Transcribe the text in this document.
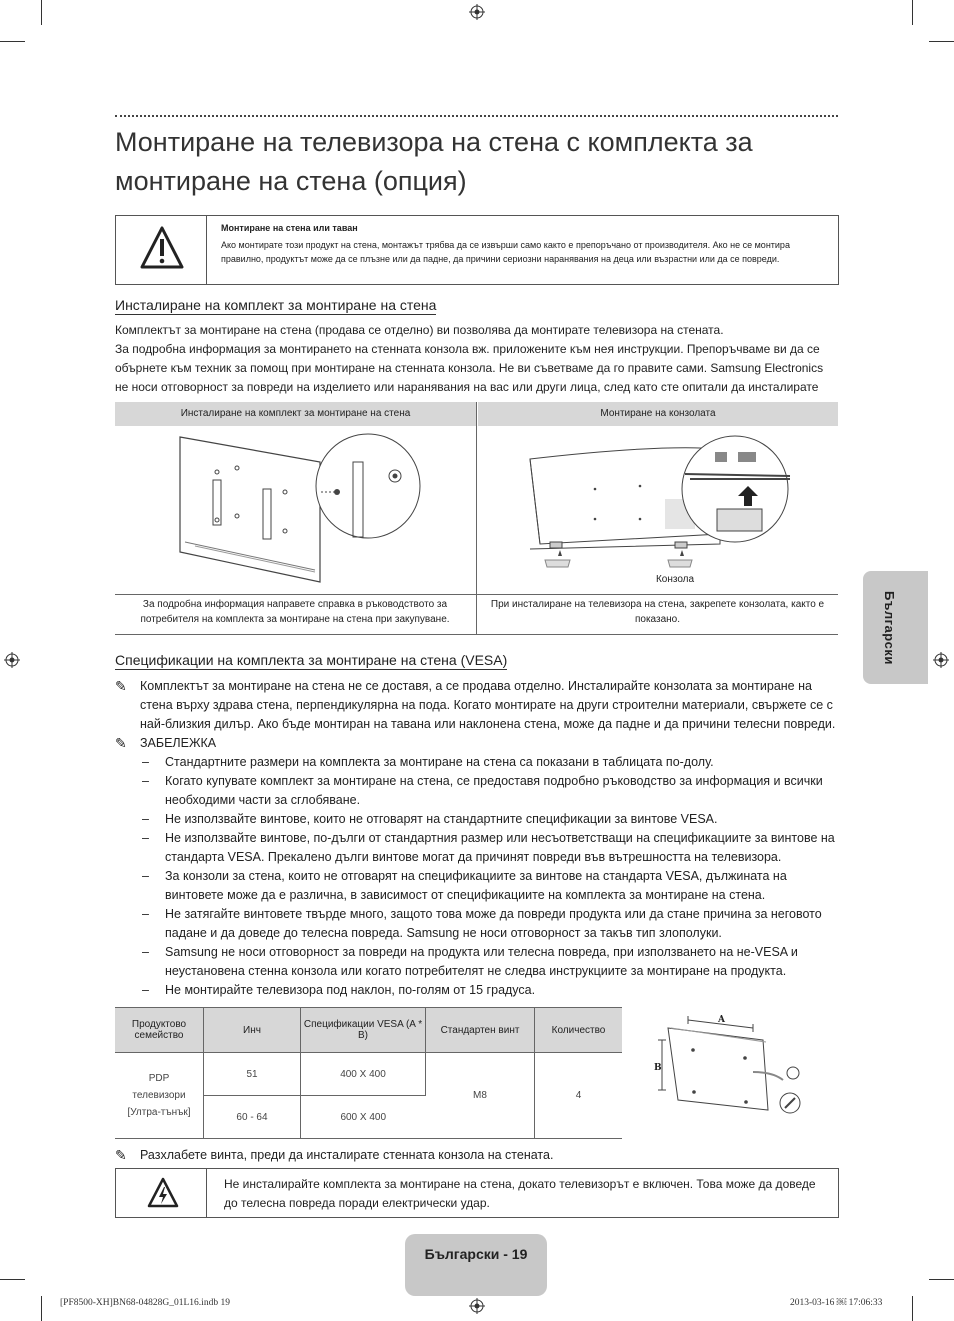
Монтиране на телевизора на стена с комплекта за монтиране на стена (опция)
Монтиране на стена или таван
Ако монтирате този продукт на стена, монтажът трябва да се извърши само както е препоръчано от производителя. Ако не се монтира правилно, продуктът може да се плъзне или да падне, да причини сериозни наранявания на деца или възрастни или да се повреди.
Инсталиране на комплект за монтиране на стена
Комплектът за монтиране на стена (продава се отделно) ви позволява да монтирате телевизора на стената.
За подробна информация за монтирането на стенната конзола вж. приложените към нея инструкции. Препоръчваме ви да се обърнете към техник за помощ при монтиране на стенната конзола. Не ви съветваме да го правите сами. Samsung Electronics не носи отговорност за повреди на изделието или наранявания на вас или други лица, след като сте опитали да инсталирате
Инсталиране на комплект за монтиране на стена	Монтиране на конзолата
Конзола
За подробна информация направете справка в ръководството за потребителя на комплекта за монтиране на стена при закупуване.
При инсталиране на телевизора на стена, закрепете конзолата, както е показано.
Спецификации на комплекта за монтиране на стена (VESA)
✎ Комплектът за монтиране на стена не се доставя, а се продава отделно. Инсталирайте конзолата за монтиране на стена върху здрава стена, перпендикулярна на пода. Когато монтирате на други строителни материали, свържете се с най-близкия дилър. Ако бъде монтиран на тавана или наклонена стена, може да падне и да причини телесни повреди.
✎ ЗАБЕЛЕЖКА
– Стандартните размери на комплекта за монтиране на стена са показани в таблицата по-долу.
– Когато купувате комплект за монтиране на стена, се предоставя подробно ръководство за информация и всички необходими части за сглобяване.
– Не използвайте винтове, които не отговарят на стандартните спецификации за винтове VESA.
– Не използвайте винтове, по-дълги от стандартния размер или несъответстващи на спецификациите за винтове на стандарта VESA. Прекалено дълги винтове могат да причинят повреди във вътрешността на телевизора.
– За конзоли за стена, които не отговарят на спецификациите за винтове на стандарта VESA, дължината на винтовете може да е различна, в зависимост от спецификациите на комплекта за монтиране на стена.
– Не затягайте винтовете твърде много, защото това може да повреди продукта или да стане причина за неговото падане и да доведе до телесна повреда. Samsung не носи отговорност за такъв тип злополуки.
– Samsung не носи отговорност за повреди на продукта или телесна повреда, при използването на не-VESA и неустановена стенна конзола или когато потребителят не следва инструкциите за монтиране на продукта.
– Не монтирайте телевизора под наклон, по-голям от 15 градуса.
Продуктово семейство	Инч	Спецификации VESA (A * B)	Стандартен винт	Количество
PDP телевизори [Ултра-тънък]	51	400 X 400	M8	4
	60 - 64	600 X 400		
A
B
✎ Разхлабете винта, преди да инсталирате стенната конзола на стената.
Не инсталирайте комплекта за монтиране на стена, докато телевизорът е включен. Това може да доведе до телесна повреда поради електрически удар.
Български
Български - 19
[PF8500-XH]BN68-04828G_01L16.indb 19	2013-03-16 ￼ 17:06:33
